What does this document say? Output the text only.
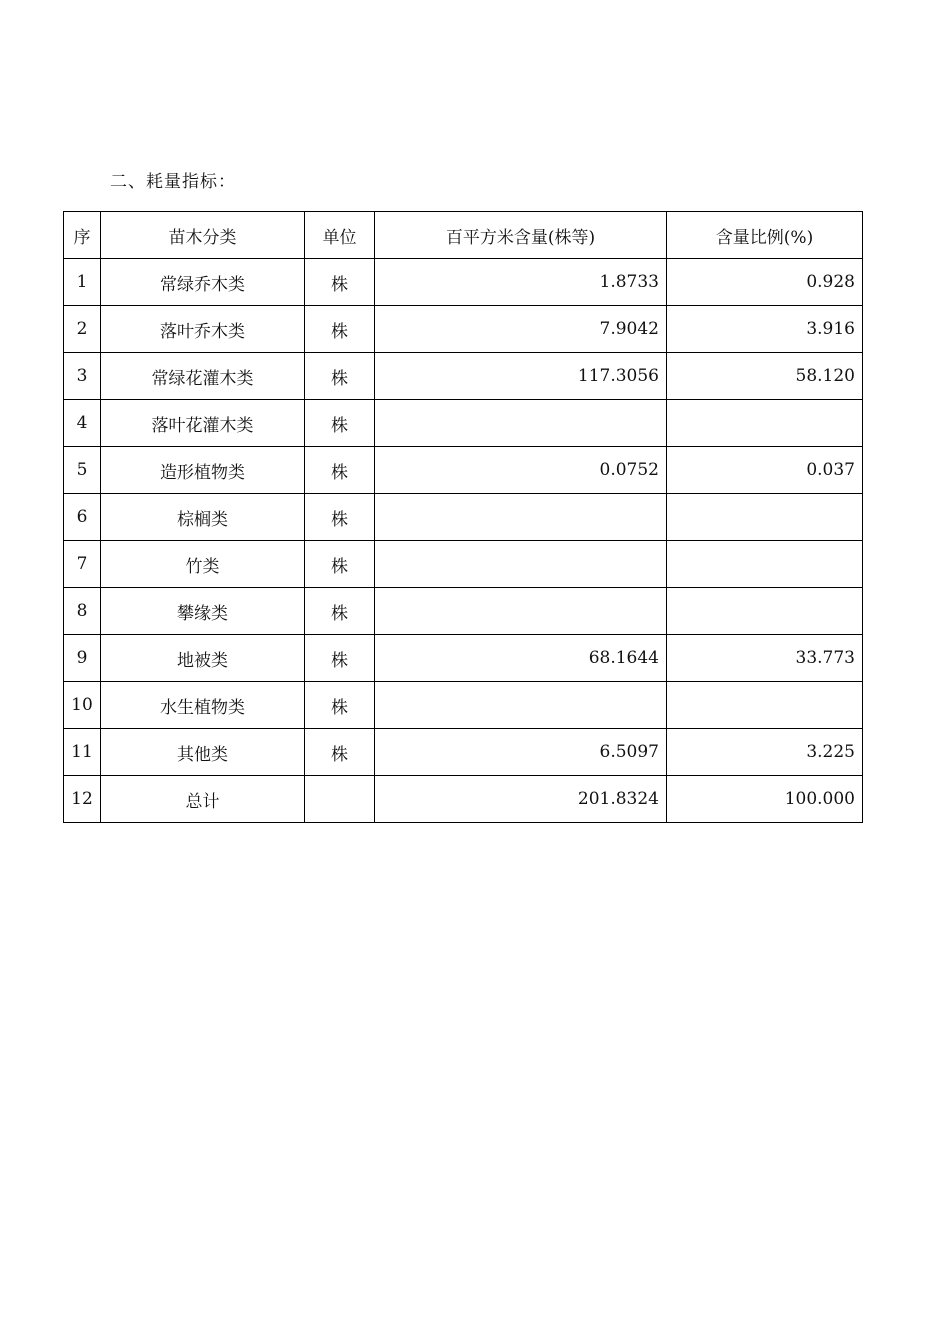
二、耗量指标：
序	苗木分类	单位	百平方米含量(株等)	含量比例(%)
1	常绿乔木类	株	1.8733	0.928
2	落叶乔木类	株	7.9042	3.916
3	常绿花灌木类	株	117.3056	58.120
4	落叶花灌木类	株		
5	造形植物类	株	0.0752	0.037
6	棕榈类	株		
7	竹类	株		
8	攀缘类	株		
9	地被类	株	68.1644	33.773
10	水生植物类	株		
11	其他类	株	6.5097	3.225
12	总计		201.8324	100.000
